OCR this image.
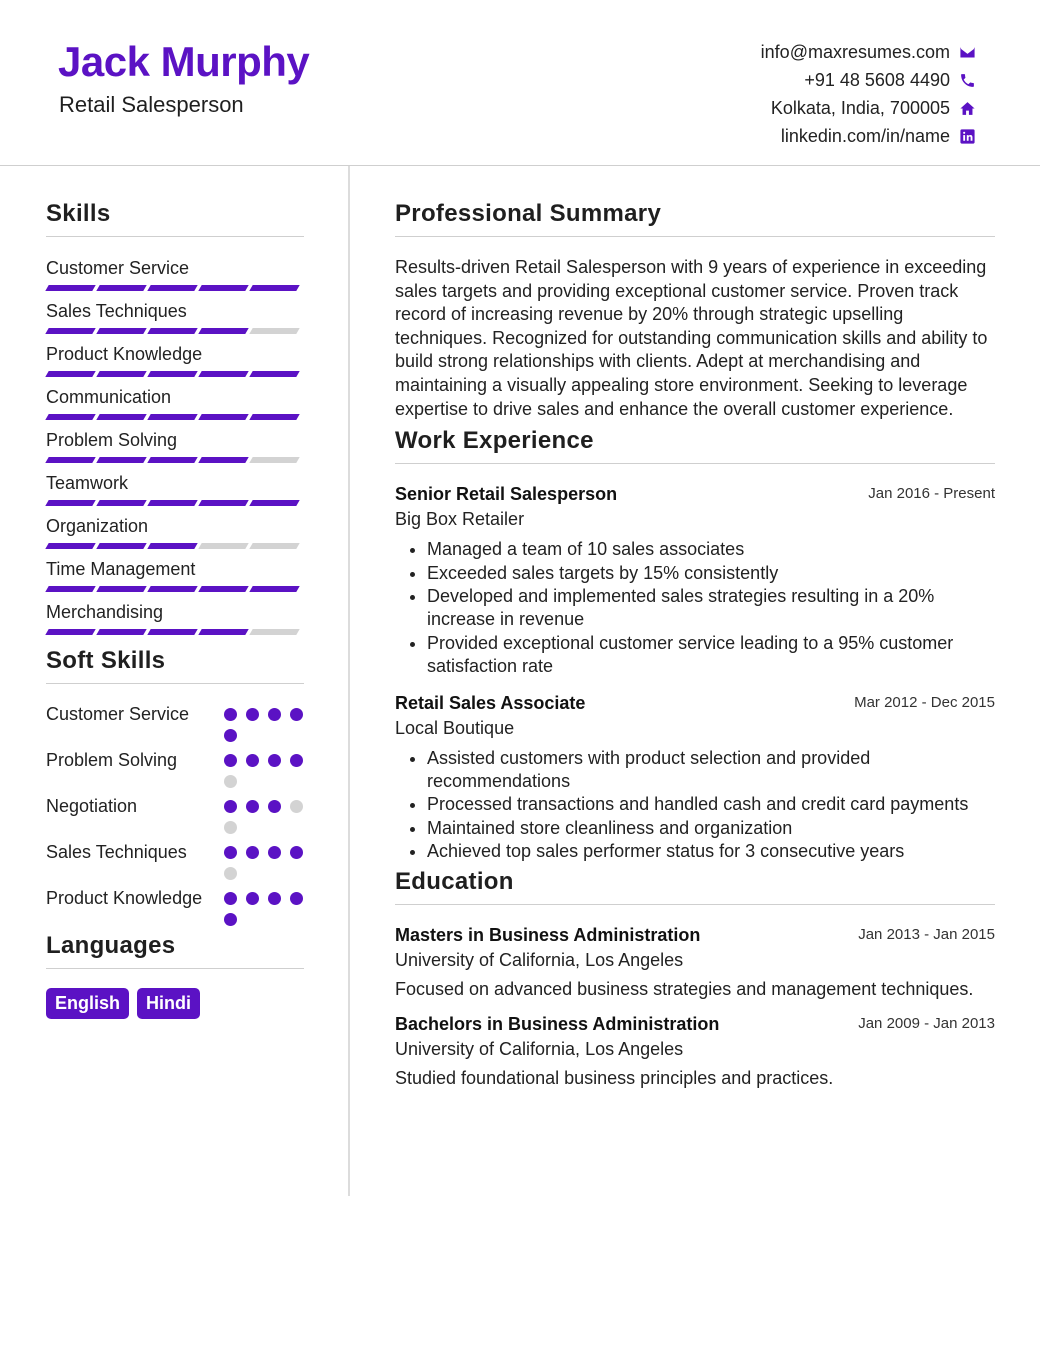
Jack Murphy
Retail Salesperson
info@maxresumes.com
+91 48 5608 4490
Kolkata, India, 700005
linkedin.com/in/name
Skills
Customer Service
Sales Techniques
Product Knowledge
Communication
Problem Solving
Teamwork
Organization
Time Management
Merchandising
Soft Skills
Customer Service
Problem Solving
Negotiation
Sales Techniques
Product Knowledge
Languages
English	Hindi
Professional Summary
Results-driven Retail Salesperson with 9 years of experience in exceeding sales targets and providing exceptional customer service. Proven track record of increasing revenue by 20% through strategic upselling techniques. Recognized for outstanding communication skills and ability to build strong relationships with clients. Adept at merchandising and maintaining a visually appealing store environment. Seeking to leverage expertise to drive sales and enhance the overall customer experience.
Work Experience
Senior Retail Salesperson	Jan 2016 - Present
Big Box Retailer
• Managed a team of 10 sales associates
• Exceeded sales targets by 15% consistently
• Developed and implemented sales strategies resulting in a 20% increase in revenue
• Provided exceptional customer service leading to a 95% customer satisfaction rate
Retail Sales Associate	Mar 2012 - Dec 2015
Local Boutique
• Assisted customers with product selection and provided recommendations
• Processed transactions and handled cash and credit card payments
• Maintained store cleanliness and organization
• Achieved top sales performer status for 3 consecutive years
Education
Masters in Business Administration	Jan 2013 - Jan 2015
University of California, Los Angeles
Focused on advanced business strategies and management techniques.
Bachelors in Business Administration	Jan 2009 - Jan 2013
University of California, Los Angeles
Studied foundational business principles and practices.
